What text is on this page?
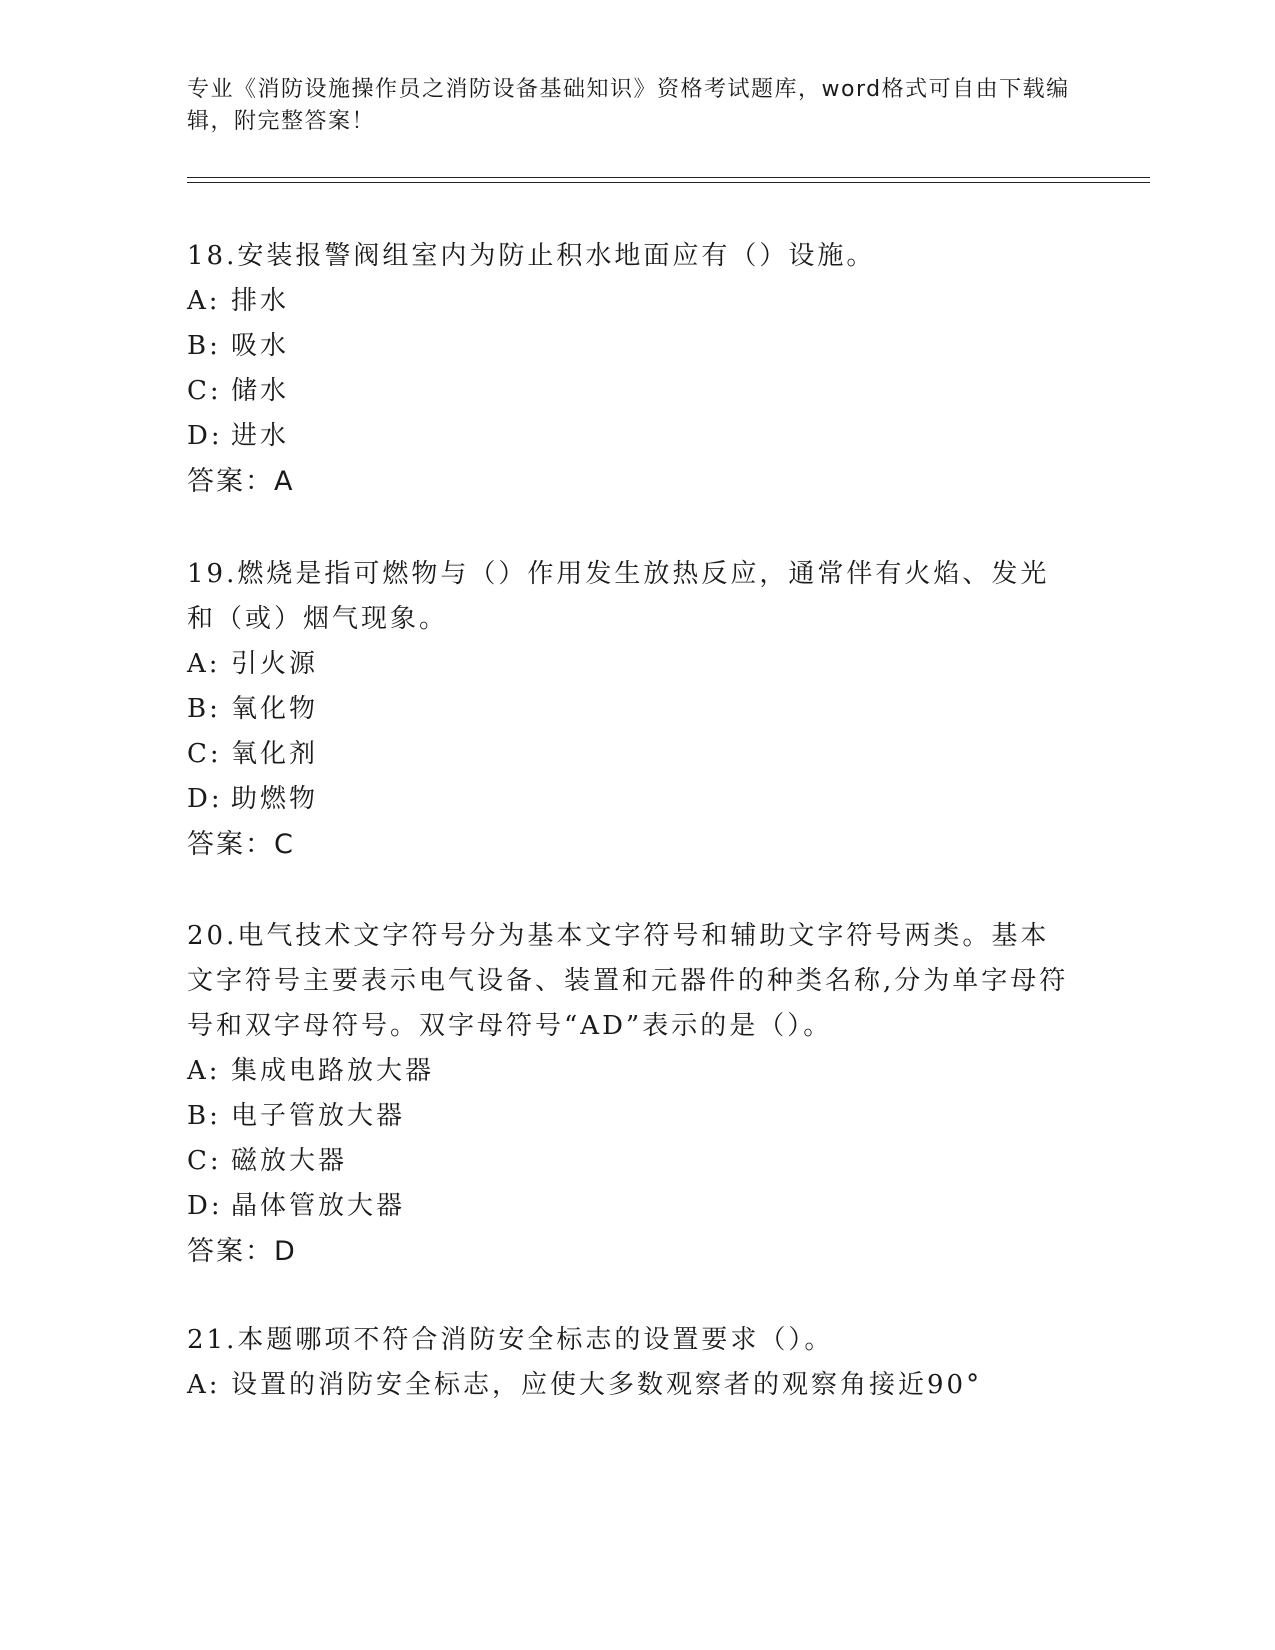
专业《消防设施操作员之消防设备基础知识》资格考试题库，word格式可自由下载编辑，附完整答案！

18.安装报警阀组室内为防止积水地面应有（）设施。

A: 排水

B: 吸水

C: 储水

D: 进水

答案：A

19.燃烧是指可燃物与（）作用发生放热反应，通常伴有火焰、发光和（或）烟气现象。

A: 引火源

B: 氧化物

C: 氧化剂

D: 助燃物

答案：C

20.电气技术文字符号分为基本文字符号和辅助文字符号两类。基本文字符号主要表示电气设备、装置和元器件的种类名称,分为单字母符号和双字母符号。双字母符号“AD”表示的是（）。

A: 集成电路放大器

B: 电子管放大器

C: 磁放大器

D: 晶体管放大器

答案：D

21.本题哪项不符合消防安全标志的设置要求（）。

A: 设置的消防安全标志，应使大多数观察者的观察角接近90°
